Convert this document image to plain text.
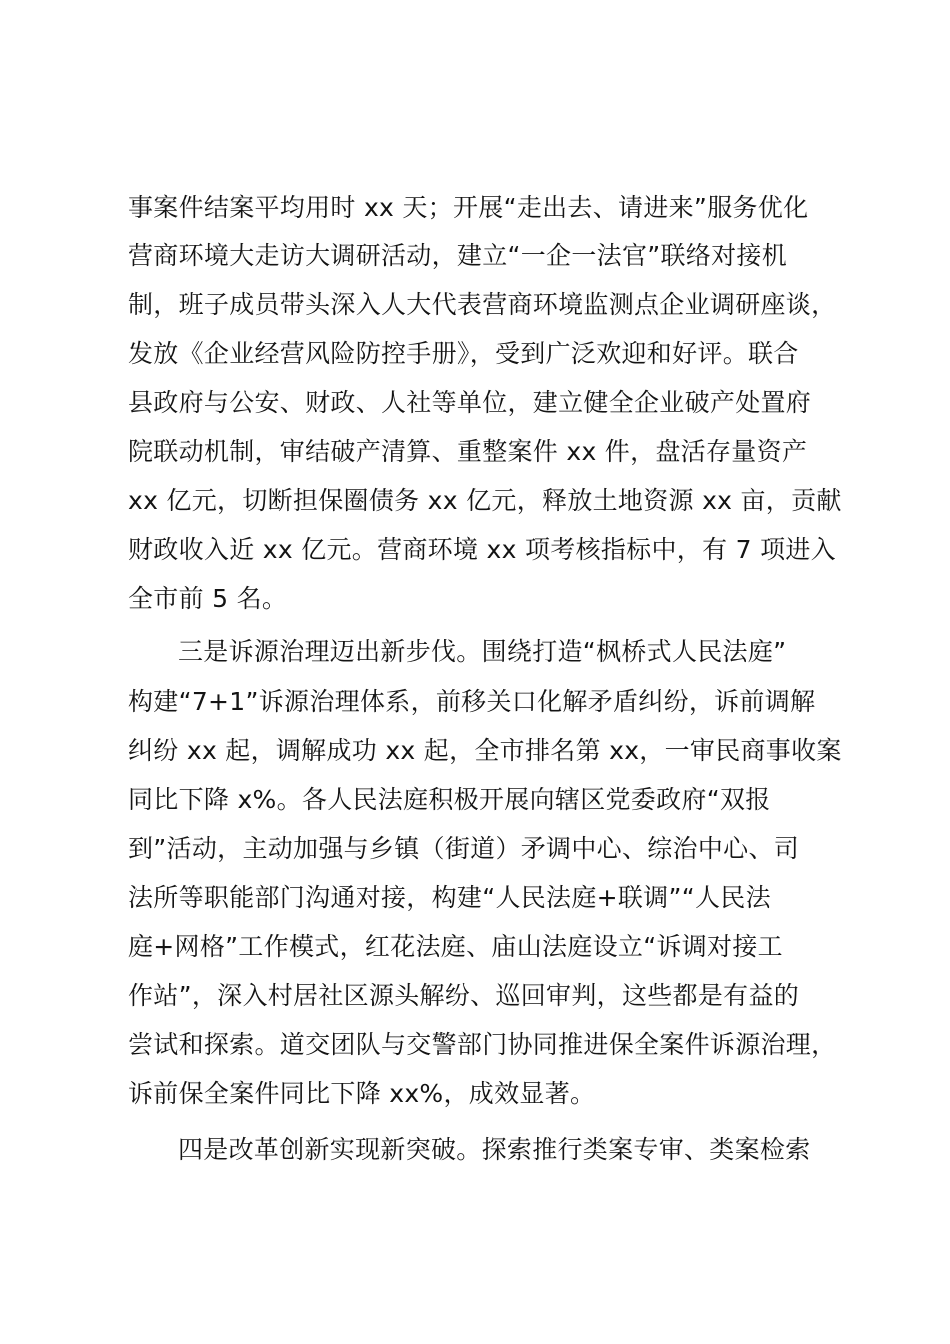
事案件结案平均用时 xx 天；开展“走出去、请进来”服务优化
营商环境大走访大调研活动，建立“一企一法官”联络对接机
制，班子成员带头深入人大代表营商环境监测点企业调研座谈，
发放《企业经营风险防控手册》，受到广泛欢迎和好评。联合
县政府与公安、财政、人社等单位，建立健全企业破产处置府
院联动机制，审结破产清算、重整案件 xx 件，盘活存量资产
xx 亿元，切断担保圈债务 xx 亿元，释放土地资源 xx 亩，贡献
财政收入近 xx 亿元。营商环境 xx 项考核指标中，有 7 项进入
全市前 5 名。
三是诉源治理迈出新步伐。围绕打造“枫桥式人民法庭”
构建“7+1”诉源治理体系，前移关口化解矛盾纠纷，诉前调解
纠纷 xx 起，调解成功 xx 起，全市排名第 xx，一审民商事收案
同比下降 x%。各人民法庭积极开展向辖区党委政府“双报
到”活动，主动加强与乡镇（街道）矛调中心、综治中心、司
法所等职能部门沟通对接，构建“人民法庭+联调”“人民法
庭+网格”工作模式，红花法庭、庙山法庭设立“诉调对接工
作站”，深入村居社区源头解纷、巡回审判，这些都是有益的
尝试和探索。道交团队与交警部门协同推进保全案件诉源治理，
诉前保全案件同比下降 xx%，成效显著。
四是改革创新实现新突破。探索推行类案专审、类案检索
